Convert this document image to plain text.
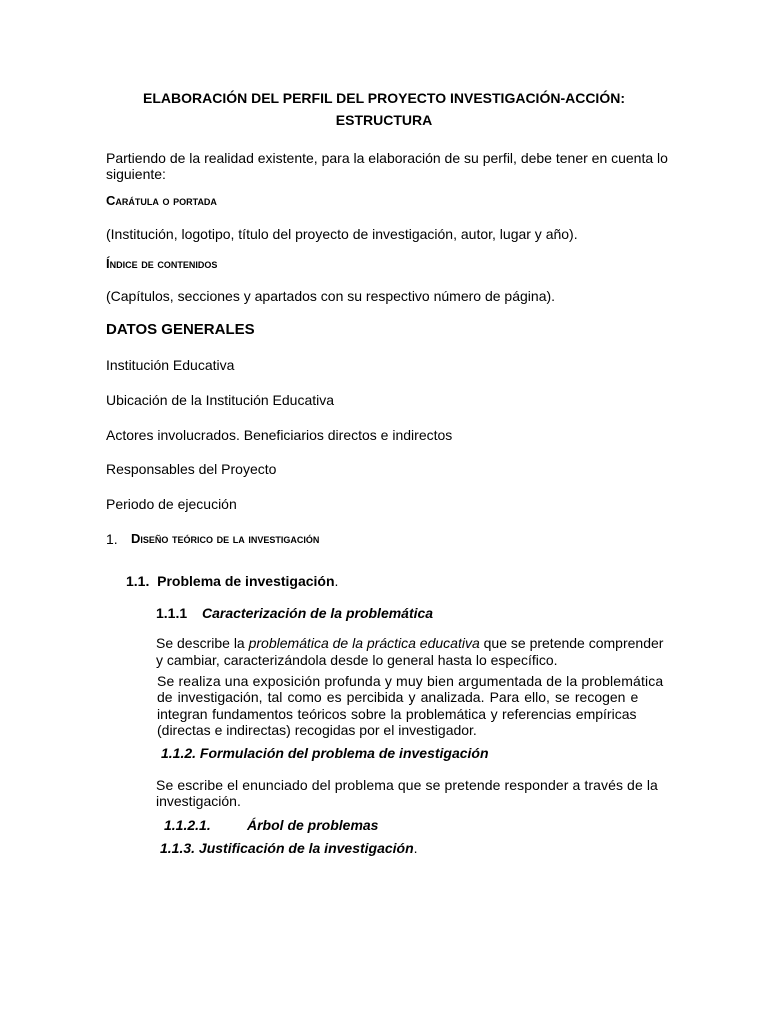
ELABORACIÓN DEL PERFIL DEL PROYECTO INVESTIGACIÓN-ACCIÓN:

ESTRUCTURA

Partiendo de la realidad existente, para la elaboración de su perfil, debe tener en cuenta lo

siguiente:

Carátula o portada

(Institución, logotipo, título del proyecto de investigación, autor, lugar y año).

Índice de contenidos

(Capítulos, secciones y apartados con su respectivo número de página).

DATOS GENERALES

Institución Educativa

Ubicación de la Institución Educativa

Actores involucrados. Beneficiarios directos e indirectos

Responsables del Proyecto

Periodo de ejecución

1. Diseño teórico de la investigación

1.1. Problema de investigación.

1.1.1 Caracterización de la problemática

Se describe la problemática de la práctica educativa que se pretende comprender

y cambiar, caracterizándola desde lo general hasta lo específico.

Se realiza una exposición profunda y muy bien argumentada de la problemática

de investigación, tal como es percibida y analizada. Para ello, se recogen e

integran fundamentos teóricos sobre la problemática y referencias empíricas

(directas e indirectas) recogidas por el investigador.

1.1.2. Formulación del problema de investigación

Se escribe el enunciado del problema que se pretende responder a través de la

investigación.

1.1.2.1.	Árbol de problemas

1.1.3. Justificación de la investigación.
